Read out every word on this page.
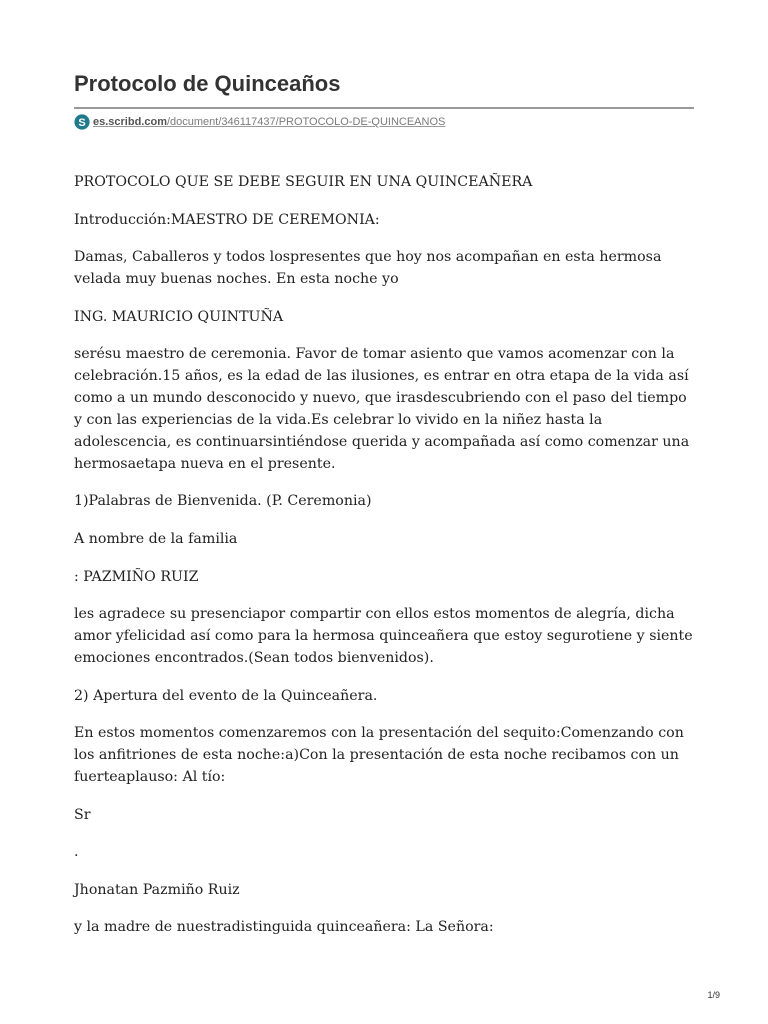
Protocolo de Quinceaños
S es.scribd.com/document/346117437/PROTOCOLO-DE-QUINCEANOS

PROTOCOLO QUE SE DEBE SEGUIR EN UNA QUINCEAÑERA

Introducción:MAESTRO DE CEREMONIA:

Damas, Caballeros y todos lospresentes que hoy nos acompañan en esta hermosa velada muy buenas noches. En esta noche yo

ING. MAURICIO QUINTUÑA

serésu maestro de ceremonia. Favor de tomar asiento que vamos acomenzar con la celebración.15 años, es la edad de las ilusiones, es entrar en otra etapa de la vida así como a un mundo desconocido y nuevo, que irasdescubriendo con el paso del tiempo y con las experiencias de la vida.Es celebrar lo vivido en la niñez hasta la adolescencia, es continuarsintiéndose querida y acompañada así como comenzar una hermosaetapa nueva en el presente.

1)Palabras de Bienvenida. (P. Ceremonia)

A nombre de la familia

: PAZMIÑO RUIZ

les agradece su presenciapor compartir con ellos estos momentos de alegría, dicha amor yfelicidad así como para la hermosa quinceañera que estoy segurotiene y siente emociones encontrados.(Sean todos bienvenidos).

2) Apertura del evento de la Quinceañera.

En estos momentos comenzaremos con la presentación del sequito:Comenzando con los anfitriones de esta noche:a)Con la presentación de esta noche recibamos con un fuerteaplauso: Al tío:

Sr

.

Jhonatan Pazmiño Ruiz

y la madre de nuestradistinguida quinceañera: La Señora:

1/9
